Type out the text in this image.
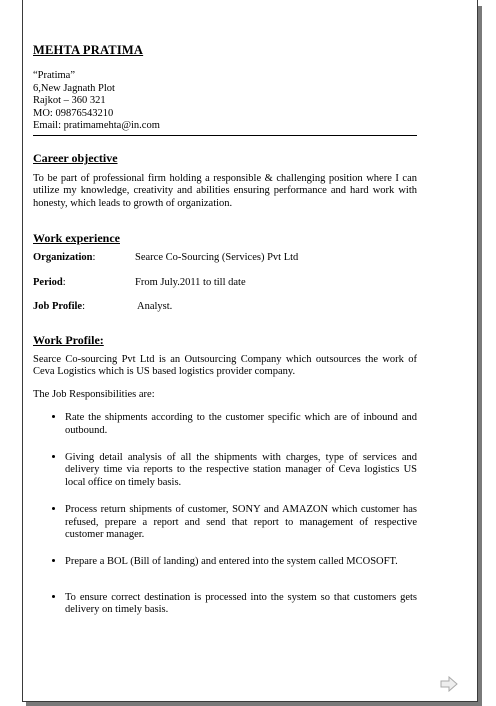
MEHTA PRATIMA
“Pratima”
6,New Jagnath Plot
Rajkot – 360 321
MO: 09876543210
Email: pratimamehta@in.com
Career objective
To be part of professional firm holding a responsible & challenging position where I can utilize my knowledge, creativity and abilities ensuring performance and hard work with honesty, which leads to growth of organization.
Work experience
Organization:	Searce Co-Sourcing (Services) Pvt Ltd
Period:	From July.2011 to till date
Job Profile:	Analyst.
Work Profile:
Searce Co-sourcing Pvt Ltd is an Outsourcing Company which outsources the work of Ceva Logistics which is US based logistics provider company.
The Job Responsibilities are:
• Rate the shipments according to the customer specific which are of inbound and outbound.
• Giving detail analysis of all the shipments with charges, type of services and delivery time via reports to the respective station manager of Ceva logistics US local office on timely basis.
• Process return shipments of customer, SONY and AMAZON which customer has refused, prepare a report and send that report to management of respective customer manager.
• Prepare a BOL (Bill of landing) and entered into the system called MCOSOFT.
• To ensure correct destination is processed into the system so that customers gets delivery on timely basis.
